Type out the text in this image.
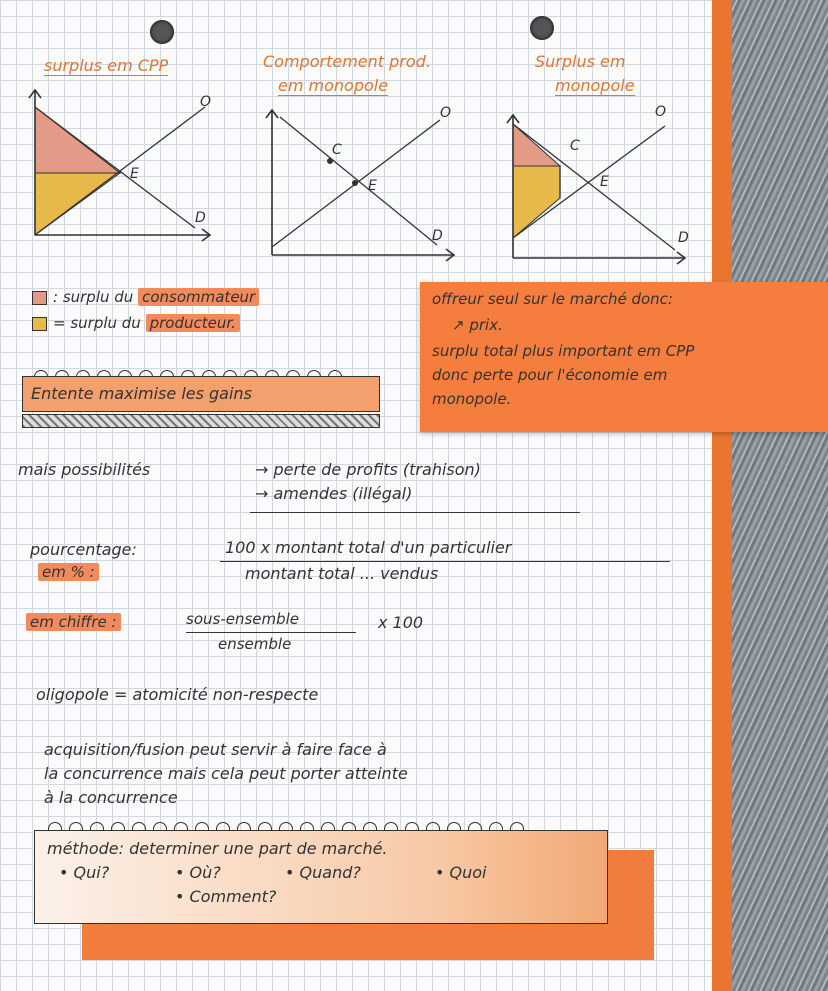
surplus em CPP
O
E
D
Comportement prod.
em monopole
O
C
E
D
Surplus em
monopole
O
C
E
D
: surplu du consommateur
= surplu du producteur.
Entente maximise les gains
mais possibilités	→ perte de profits (trahison)
→ amendes (illégal)
pourcentage:
em % :
100 x montant total d'un particulier
montant total ... vendus
em chiffre :	sous-ensemble
ensemble
x 100
oligopole = atomicité non-respecte
acquisition/fusion peut servir à faire face à
la concurrence mais cela peut porter atteinte
à la concurrence
méthode: determiner une part de marché.
• Qui?	• Où?	• Quand?	• Quoi
• Comment?
offreur seul sur le marché donc:
↗ prix.
surplu total plus important em CPP
donc perte pour l'économie em
monopole.
